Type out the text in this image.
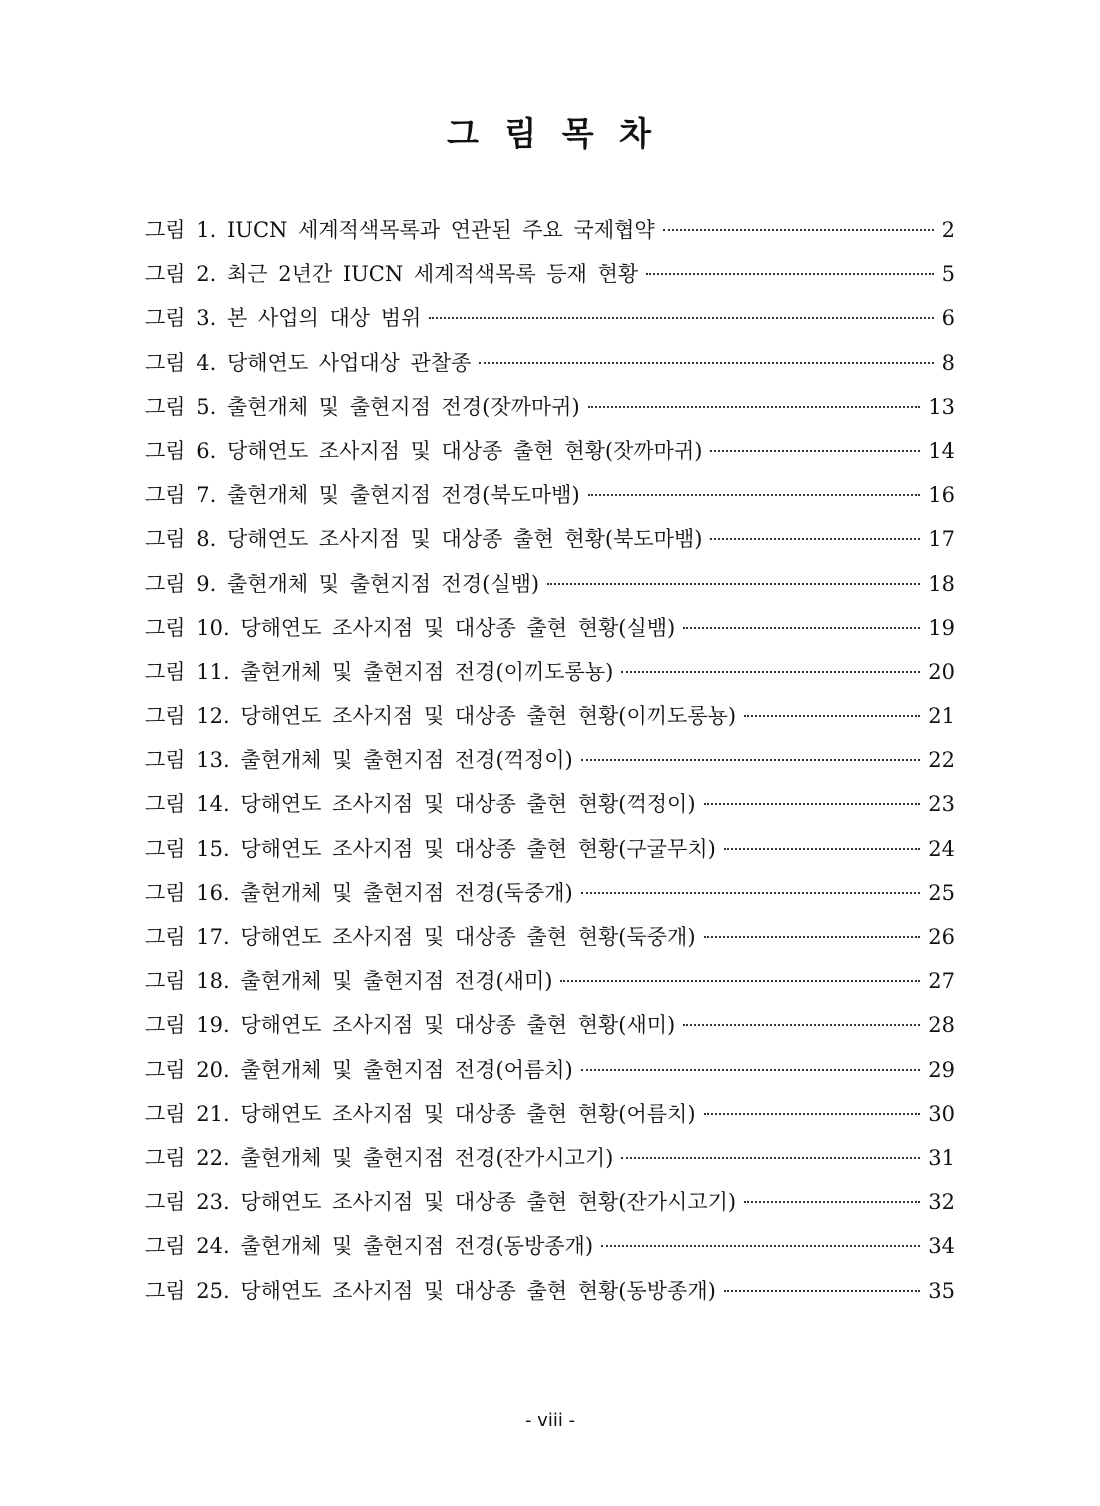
그 림 목 차
그림 1. IUCN 세계적색목록과 연관된 주요 국제협약	2
그림 2. 최근 2년간 IUCN 세계적색목록 등재 현황	5
그림 3. 본 사업의 대상 범위	6
그림 4. 당해연도 사업대상 관찰종	8
그림 5. 출현개체 및 출현지점 전경(잣까마귀)	13
그림 6. 당해연도 조사지점 및 대상종 출현 현황(잣까마귀)	14
그림 7. 출현개체 및 출현지점 전경(북도마뱀)	16
그림 8. 당해연도 조사지점 및 대상종 출현 현황(북도마뱀)	17
그림 9. 출현개체 및 출현지점 전경(실뱀)	18
그림 10. 당해연도 조사지점 및 대상종 출현 현황(실뱀)	19
그림 11. 출현개체 및 출현지점 전경(이끼도롱뇽)	20
그림 12. 당해연도 조사지점 및 대상종 출현 현황(이끼도롱뇽)	21
그림 13. 출현개체 및 출현지점 전경(꺽정이)	22
그림 14. 당해연도 조사지점 및 대상종 출현 현황(꺽정이)	23
그림 15. 당해연도 조사지점 및 대상종 출현 현황(구굴무치)	24
그림 16. 출현개체 및 출현지점 전경(둑중개)	25
그림 17. 당해연도 조사지점 및 대상종 출현 현황(둑중개)	26
그림 18. 출현개체 및 출현지점 전경(새미)	27
그림 19. 당해연도 조사지점 및 대상종 출현 현황(새미)	28
그림 20. 출현개체 및 출현지점 전경(어름치)	29
그림 21. 당해연도 조사지점 및 대상종 출현 현황(어름치)	30
그림 22. 출현개체 및 출현지점 전경(잔가시고기)	31
그림 23. 당해연도 조사지점 및 대상종 출현 현황(잔가시고기)	32
그림 24. 출현개체 및 출현지점 전경(동방종개)	34
그림 25. 당해연도 조사지점 및 대상종 출현 현황(동방종개)	35
- viii -
